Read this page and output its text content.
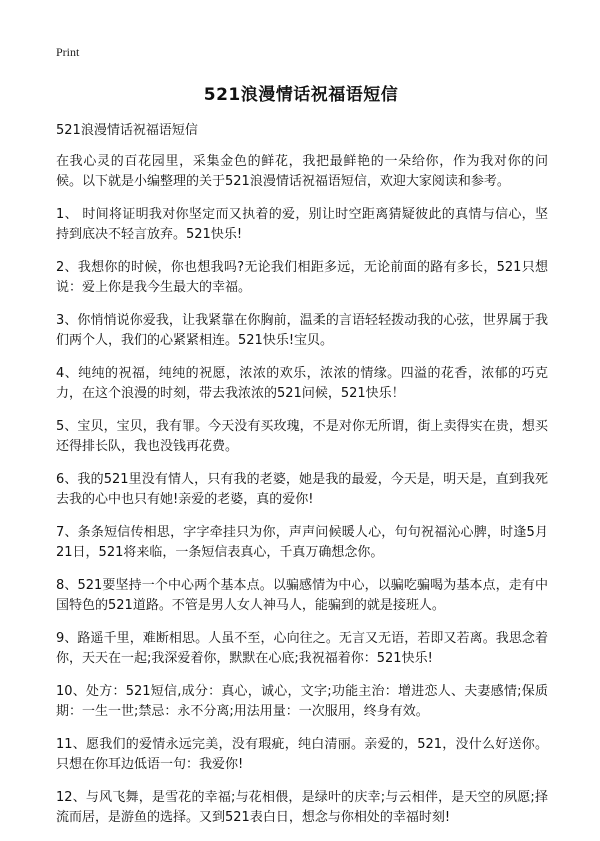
Print
521浪漫情话祝福语短信

521浪漫情话祝福语短信

在我心灵的百花园里，采集金色的鲜花，我把最鲜艳的一朵给你，作为我对你的问候。以下就是小编整理的关于521浪漫情话祝福语短信，欢迎大家阅读和参考。

1、 时间将证明我对你坚定而又执着的爱，别让时空距离猜疑彼此的真情与信心，坚持到底决不轻言放弃。521快乐!

2、我想你的时候，你也想我吗?无论我们相距多远，无论前面的路有多长，521只想说：爱上你是我今生最大的幸福。

3、你悄悄说你爱我，让我紧靠在你胸前，温柔的言语轻轻拨动我的心弦，世界属于我们两个人，我们的心紧紧相连。521快乐!宝贝。

4、纯纯的祝福，纯纯的祝愿，浓浓的欢乐，浓浓的情缘。四溢的花香，浓郁的巧克力，在这个浪漫的时刻，带去我浓浓的521问候，521快乐！

5、宝贝，宝贝，我有罪。今天没有买玫瑰，不是对你无所谓，街上卖得实在贵，想买还得排长队，我也没钱再花费。

6、我的521里没有情人，只有我的老婆，她是我的最爱，今天是，明天是，直到我死去我的心中也只有她!亲爱的老婆，真的爱你!

7、条条短信传相思，字字牵挂只为你，声声问候暖人心，句句祝福沁心脾，时逢5月21日，521将来临，一条短信表真心，千真万确想念你。

8、521要坚持一个中心两个基本点。以骗感情为中心，以骗吃骗喝为基本点，走有中国特色的521道路。不管是男人女人神马人，能骗到的就是接班人。

9、路遥千里，难断相思。人虽不至，心向往之。无言又无语，若即又若离。我思念着你，天天在一起;我深爱着你，默默在心底;我祝福着你：521快乐!

10、处方：521短信,成分：真心，诚心，文字;功能主治：增进恋人、夫妻感情;保质期：一生一世;禁忌：永不分离;用法用量：一次服用，终身有效。

11、愿我们的爱情永远完美，没有瑕疵，纯白清丽。亲爱的，521，没什么好送你。只想在你耳边低语一句：我爱你!

12、与风飞舞，是雪花的幸福;与花相偎，是绿叶的庆幸;与云相伴，是天空的夙愿;择流而居，是游鱼的选择。又到521表白日，想念与你相处的幸福时刻!
